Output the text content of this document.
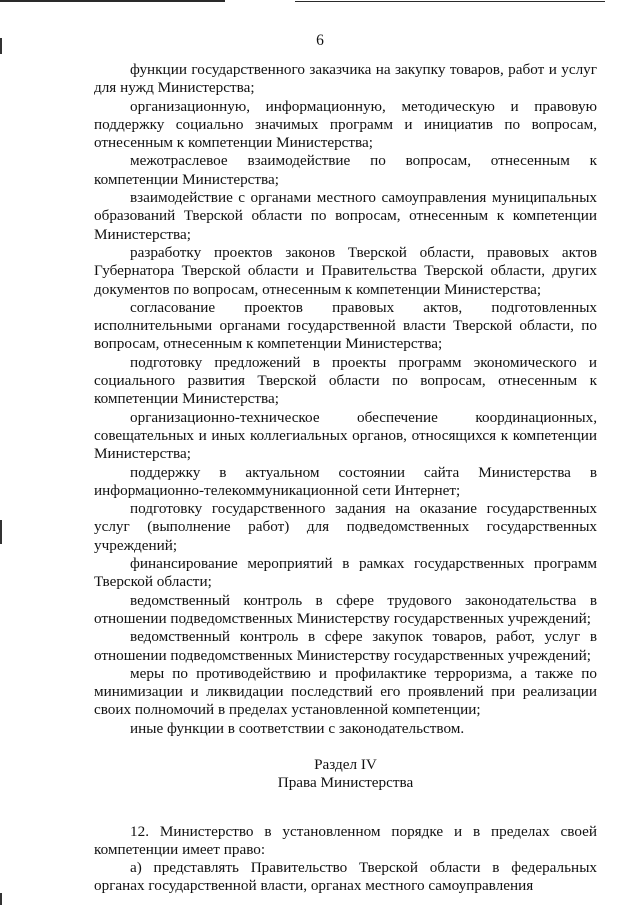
6

функции государственного заказчика на закупку товаров, работ и услуг для нужд Министерства;

организационную, информационную, методическую и правовую поддержку социально значимых программ и инициатив по вопросам, отнесенным к компетенции Министерства;

межотраслевое взаимодействие по вопросам, отнесенным к компетенции Министерства;

взаимодействие с органами местного самоуправления муниципальных образований Тверской области по вопросам, отнесенным к компетенции Министерства;

разработку проектов законов Тверской области, правовых актов Губернатора Тверской области и Правительства Тверской области, других документов по вопросам, отнесенным к компетенции Министерства;

согласование проектов правовых актов, подготовленных исполнительными органами государственной власти Тверской области, по вопросам, отнесенным к компетенции Министерства;

подготовку предложений в проекты программ экономического и социального развития Тверской области по вопросам, отнесенным к компетенции Министерства;

организационно-техническое обеспечение координационных, совещательных и иных коллегиальных органов, относящихся к компетенции Министерства;

поддержку в актуальном состоянии сайта Министерства в информационно-телекоммуникационной сети Интернет;

подготовку государственного задания на оказание государственных услуг (выполнение работ) для подведомственных государственных учреждений;

финансирование мероприятий в рамках государственных программ Тверской области;

ведомственный контроль в сфере трудового законодательства в отношении подведомственных Министерству государственных учреждений;

ведомственный контроль в сфере закупок товаров, работ, услуг в отношении подведомственных Министерству государственных учреждений;

меры по противодействию и профилактике терроризма, а также по минимизации и ликвидации последствий его проявлений при реализации своих полномочий в пределах установленной компетенции;

иные функции в соответствии с законодательством.

Раздел IV

Права Министерства

12. Министерство в установленном порядке и в пределах своей компетенции имеет право:

а) представлять Правительство Тверской области в федеральных органах государственной власти, органах местного самоуправления
